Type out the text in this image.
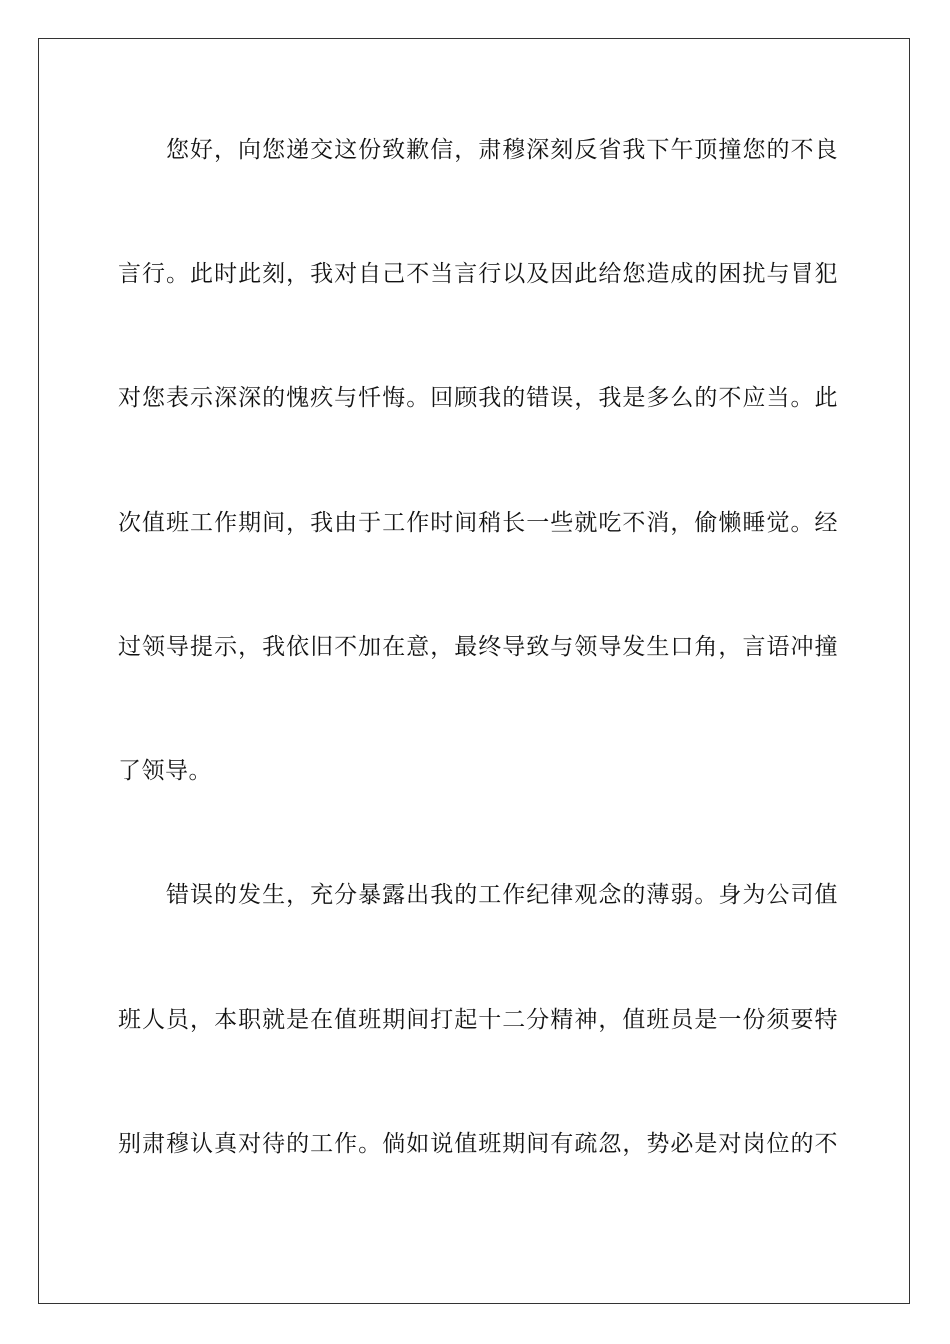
您好，向您递交这份致歉信，肃穆深刻反省我下午顶撞您的不良
言行。此时此刻，我对自己不当言行以及因此给您造成的困扰与冒犯
对您表示深深的愧疚与忏悔。回顾我的错误，我是多么的不应当。此
次值班工作期间，我由于工作时间稍长一些就吃不消，偷懒睡觉。经
过领导提示，我依旧不加在意，最终导致与领导发生口角，言语冲撞
了领导。
错误的发生，充分暴露出我的工作纪律观念的薄弱。身为公司值
班人员，本职就是在值班期间打起十二分精神，值班员是一份须要特
别肃穆认真对待的工作。倘如说值班期间有疏忽，势必是对岗位的不
